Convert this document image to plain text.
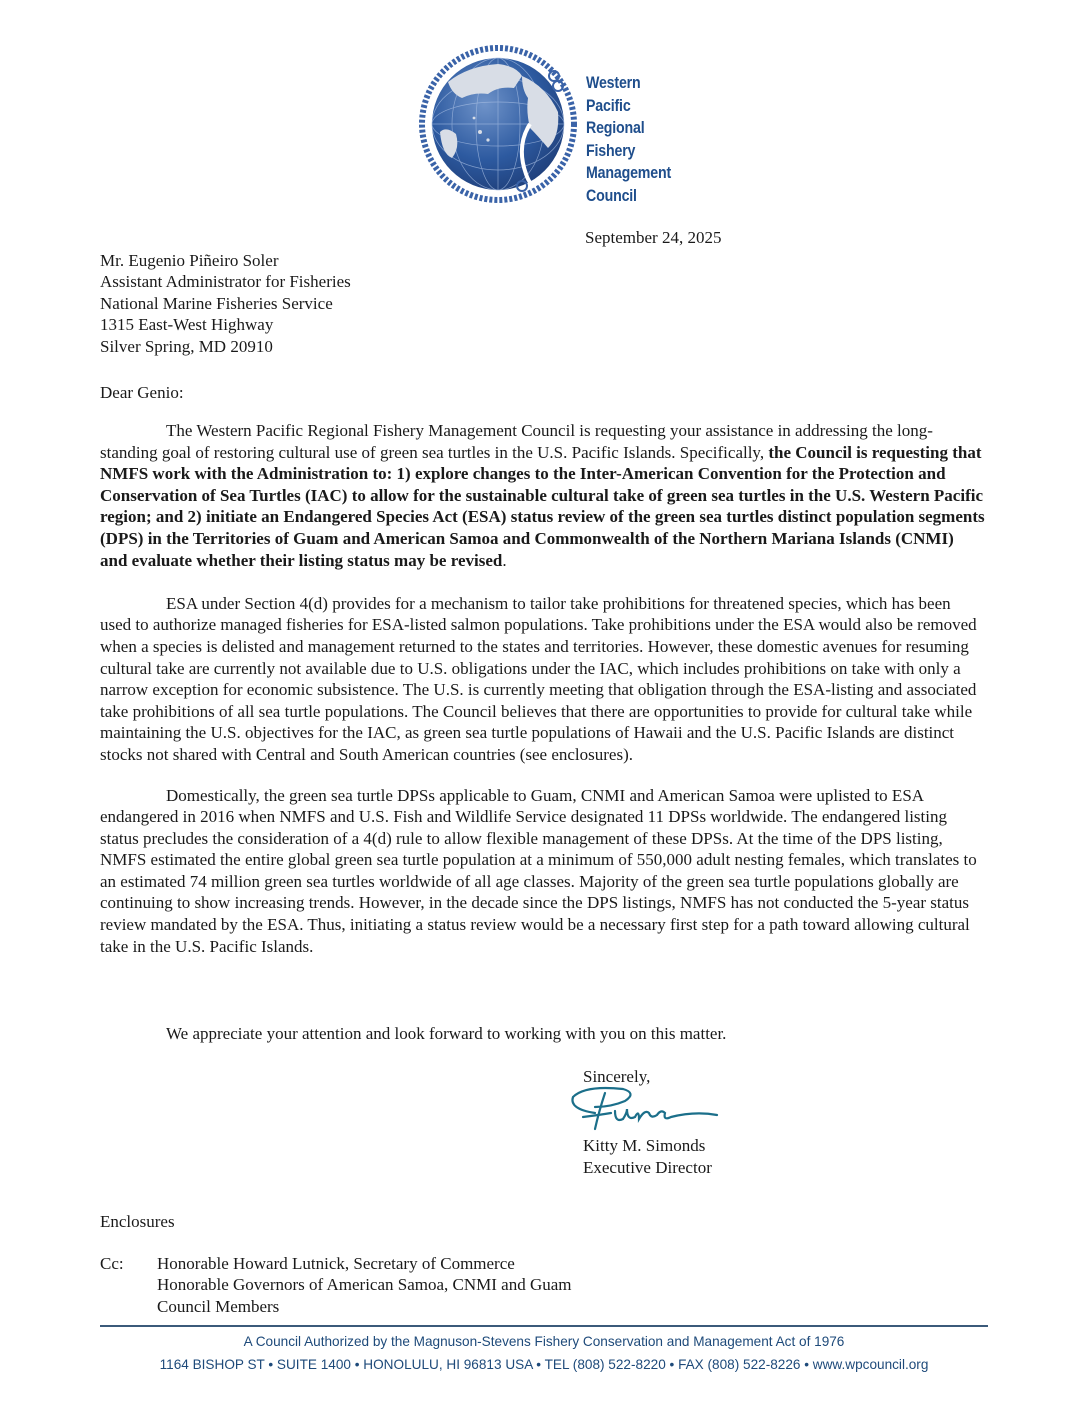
Western
Pacific
Regional
Fishery
Management
Council
September 24, 2025
Mr. Eugenio Piñeiro Soler
Assistant Administrator for Fisheries
National Marine Fisheries Service
1315 East-West Highway
Silver Spring, MD 20910
Dear Genio:

The Western Pacific Regional Fishery Management Council is requesting your assistance in addressing the long-standing goal of restoring cultural use of green sea turtles in the U.S. Pacific Islands. Specifically, the Council is requesting that NMFS work with the Administration to: 1) explore changes to the Inter-American Convention for the Protection and Conservation of Sea Turtles (IAC) to allow for the sustainable cultural take of green sea turtles in the U.S. Western Pacific region; and 2) initiate an Endangered Species Act (ESA) status review of the green sea turtles distinct population segments (DPS) in the Territories of Guam and American Samoa and Commonwealth of the Northern Mariana Islands (CNMI) and evaluate whether their listing status may be revised.

ESA under Section 4(d) provides for a mechanism to tailor take prohibitions for threatened species, which has been used to authorize managed fisheries for ESA-listed salmon populations. Take prohibitions under the ESA would also be removed when a species is delisted and management returned to the states and territories. However, these domestic avenues for resuming cultural take are currently not available due to U.S. obligations under the IAC, which includes prohibitions on take with only a narrow exception for economic subsistence. The U.S. is currently meeting that obligation through the ESA-listing and associated take prohibitions of all sea turtle populations. The Council believes that there are opportunities to provide for cultural take while maintaining the U.S. objectives for the IAC, as green sea turtle populations of Hawaii and the U.S. Pacific Islands are distinct stocks not shared with Central and South American countries (see enclosures).

Domestically, the green sea turtle DPSs applicable to Guam, CNMI and American Samoa were uplisted to ESA endangered in 2016 when NMFS and U.S. Fish and Wildlife Service designated 11 DPSs worldwide. The endangered listing status precludes the consideration of a 4(d) rule to allow flexible management of these DPSs. At the time of the DPS listing, NMFS estimated the entire global green sea turtle population at a minimum of 550,000 adult nesting females, which translates to an estimated 74 million green sea turtles worldwide of all age classes. Majority of the green sea turtle populations globally are continuing to show increasing trends. However, in the decade since the DPS listings, NMFS has not conducted the 5-year status review mandated by the ESA. Thus, initiating a status review would be a necessary first step for a path toward allowing cultural take in the U.S. Pacific Islands.

We appreciate your attention and look forward to working with you on this matter.
Sincerely,
Kitty M. Simonds
Executive Director
Enclosures
Cc: Honorable Howard Lutnick, Secretary of Commerce
Honorable Governors of American Samoa, CNMI and Guam
Council Members
A Council Authorized by the Magnuson-Stevens Fishery Conservation and Management Act of 1976
1164 BISHOP ST • SUITE 1400 • HONOLULU, HI 96813 USA • TEL (808) 522-8220 • FAX (808) 522-8226 • www.wpcouncil.org
